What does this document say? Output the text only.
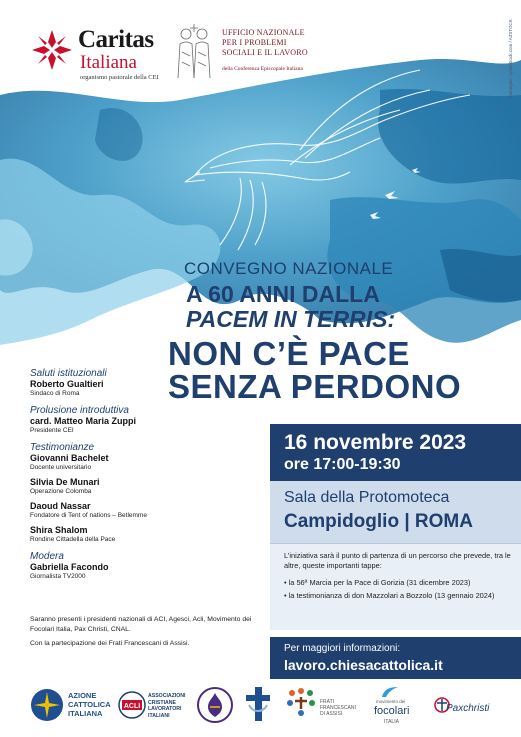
Caritas
Italiana
organismo pastorale della CEI
UFFICIO NAZIONALE
PER I PROBLEMI
SOCIALI E IL LAVORO
della Conferenza Episcopale Italiana	Immagine: sylverstock.com / A3STOCK
CONVEGNO NAZIONALE
A 60 ANNI DALLA
PACEM IN TERRIS:
NON C’È PACE
SENZA PERDONO
Saluti istituzionali
Roberto Gualtieri
Sindaco di Roma
Prolusione introduttiva
card. Matteo Maria Zuppi
Presidente CEI
Testimonianze
Giovanni Bachelet
Docente universitario
Silvia De Munari
Operazione Colomba
Daoud Nassar
Fondatore di Tent of nations – Betlemme
Shira Shalom
Rondine Cittadella della Pace
Modera
Gabriella Facondo
Giornalista TV2000
16 novembre 2023
ore 17:00-19:30
Sala della Protomoteca
Campidoglio | ROMA
L’iniziativa sarà il punto di partenza di un percorso che prevede, tra le altre, queste importanti tappe:
• la 56ª Marcia per la Pace di Gorizia (31 dicembre 2023)
• la testimonianza di don Mazzolari a Bozzolo (13 gennaio 2024)
Per maggiori informazioni:
lavoro.chiesacattolica.it

Saranno presenti i presidenti nazionali di ACI, Agesci, Acli, Movimento dei Focolari Italia, Pax Christi, CNAL.

Con la partecipazione dei Frati Francescani di Assisi.

AZIONE
CATTOLICA
ITALIANA
ACLI
ASSOCIAZIONI
CRISTIANE
LAVORATORI
ITALIANI
FRATI FRANCESCANI DI ASSISI
movimento dei
focolari
ITALIA
Paxchristi
